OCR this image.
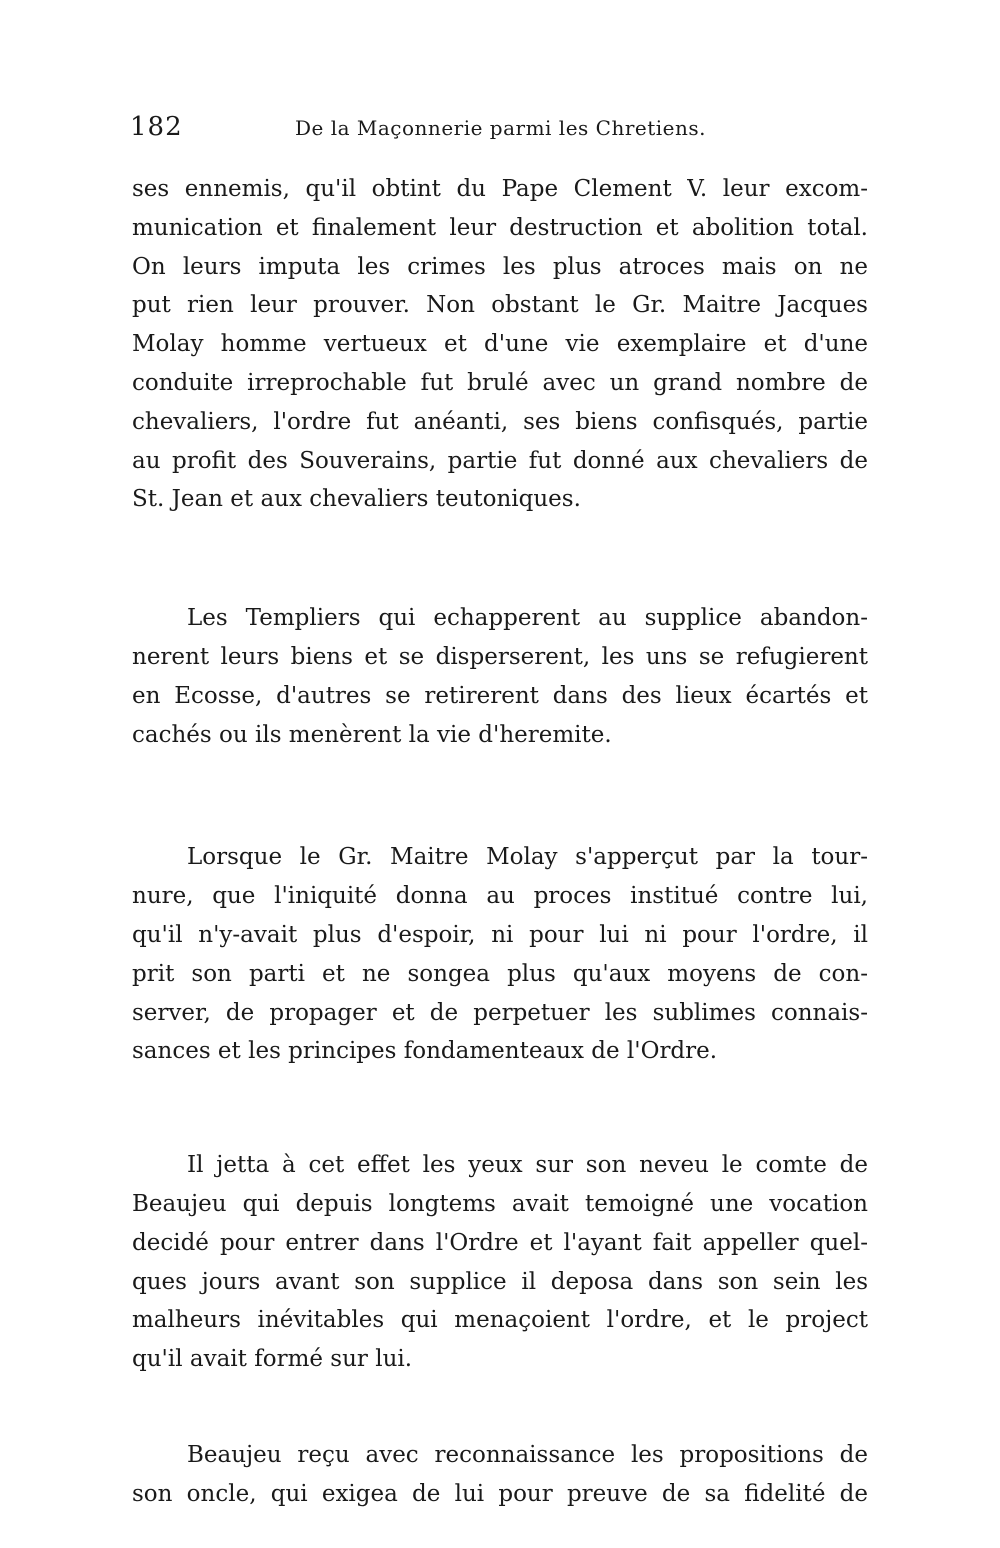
182	De la Maçonnerie parmi les Chretiens.
ses ennemis, qu'il obtint du Pape Clement V. leur excom-
munication et finalement leur destruction et abolition total.
On leurs imputa les crimes les plus atroces mais on ne
put rien leur prouver. Non obstant le Gr. Maitre Jacques
Molay homme vertueux et d'une vie exemplaire et d'une
conduite irreprochable fut brulé avec un grand nombre de
chevaliers, l'ordre fut anéanti, ses biens confisqués, partie
au profit des Souverains, partie fut donné aux chevaliers de
St. Jean et aux chevaliers teutoniques.
Les Templiers qui echapperent au supplice abandon-
nerent leurs biens et se disperserent, les uns se refugierent
en Ecosse, d'autres se retirerent dans des lieux écartés et
cachés ou ils menèrent la vie d'heremite.
Lorsque le Gr. Maitre Molay s'apperçut par la tour-
nure, que l'iniquité donna au proces institué contre lui,
qu'il n'y-avait plus d'espoir, ni pour lui ni pour l'ordre, il
prit son parti et ne songea plus qu'aux moyens de con-
server, de propager et de perpetuer les sublimes connais-
sances et les principes fondamenteaux de l'Ordre.
Il jetta à cet effet les yeux sur son neveu le comte de
Beaujeu qui depuis longtems avait temoigné une vocation
decidé pour entrer dans l'Ordre et l'ayant fait appeller quel-
ques jours avant son supplice il deposa dans son sein les
malheurs inévitables qui menaçoient l'ordre, et le project
qu'il avait formé sur lui.
Beaujeu reçu avec reconnaissance les propositions de
son oncle, qui exigea de lui pour preuve de sa fidelité de
